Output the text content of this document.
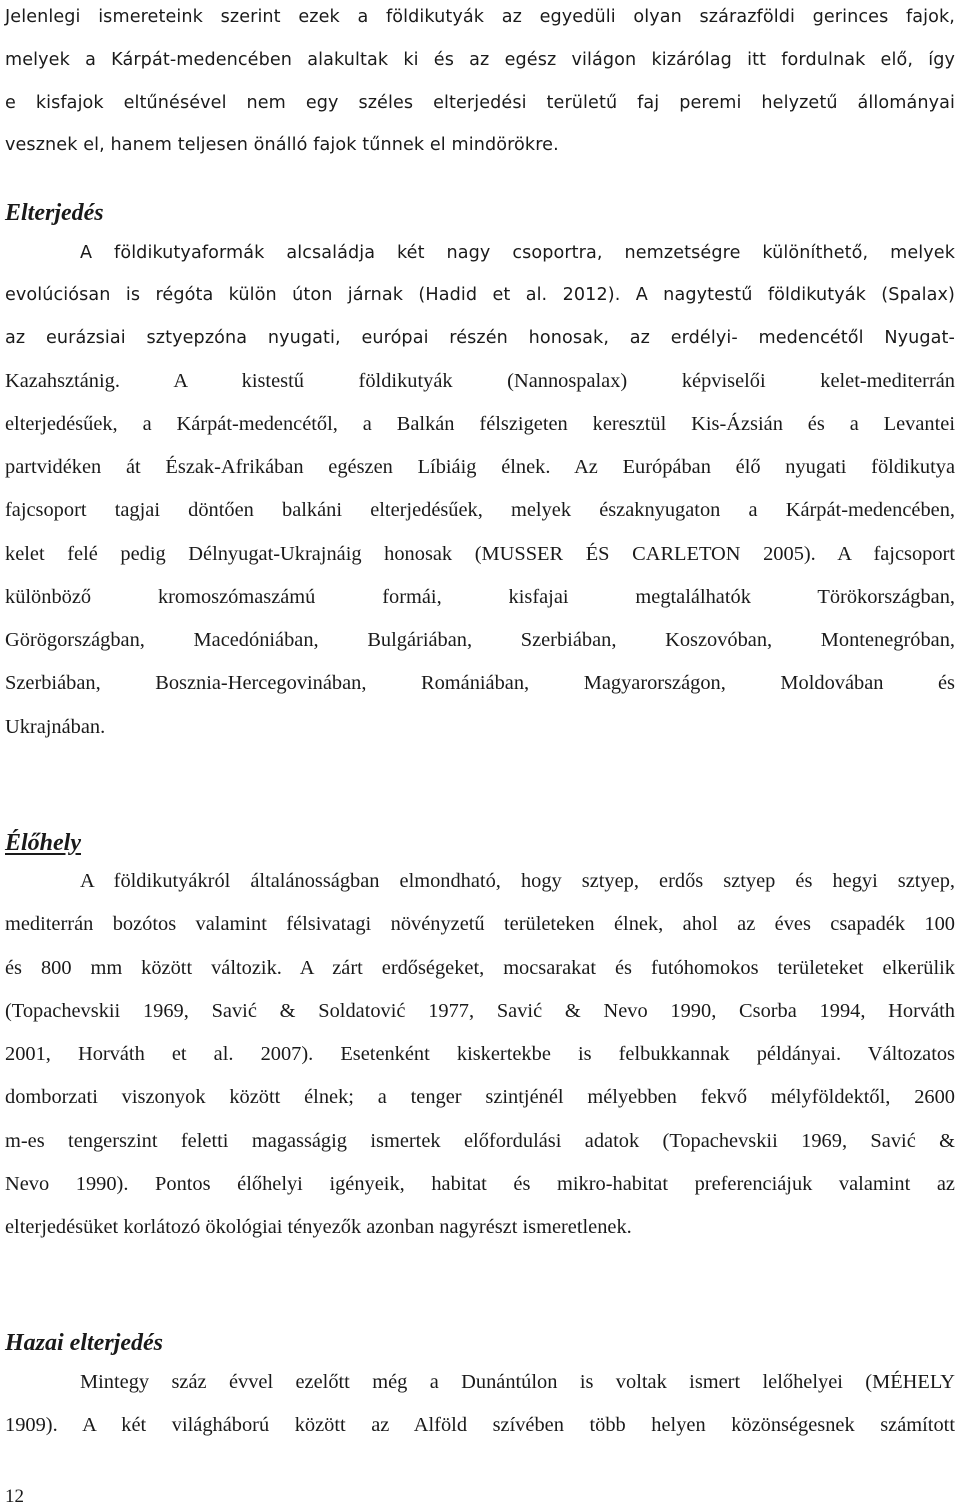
Jelenlegi ismereteink szerint ezek a földikutyák az egyedüli olyan szárazföldi gerinces fajok,
melyek a Kárpát-medencében alakultak ki és az egész világon kizárólag itt fordulnak elő, így
e kisfajok eltűnésével nem egy széles elterjedési területű faj peremi helyzetű állományai
vesznek el, hanem teljesen önálló fajok tűnnek el mindörökre.
Elterjedés
A földikutyaformák alcsaládja két nagy csoportra, nemzetségre különíthető, melyek
evolúciósan is régóta külön úton járnak (Hadid et al. 2012). A nagytestű földikutyák (Spalax)
az eurázsiai sztyepzóna nyugati, európai részén honosak, az erdélyi- medencétől Nyugat-
Kazahsztánig. A kistestű földikutyák (Nannospalax) képviselői kelet-mediterrán
elterjedésűek, a Kárpát-medencétől, a Balkán félszigeten keresztül Kis-Ázsián és a Levantei
partvidéken át Észak-Afrikában egészen Líbiáig élnek. Az Európában élő nyugati földikutya
fajcsoport tagjai döntően balkáni elterjedésűek, melyek északnyugaton a Kárpát-medencében,
kelet felé pedig Délnyugat-Ukrajnáig honosak (MUSSER ÉS CARLETON 2005). A fajcsoport
különböző kromoszómaszámú formái, kisfajai megtalálhatók Törökországban,
Görögországban, Macedóniában, Bulgáriában, Szerbiában, Koszovóban, Montenegróban,
Szerbiában, Bosznia-Hercegovinában, Romániában, Magyarországon, Moldovában és
Ukrajnában.
Élőhely
A földikutyákról általánosságban elmondható, hogy sztyep, erdős sztyep és hegyi sztyep,
mediterrán bozótos valamint félsivatagi növényzetű területeken élnek, ahol az éves csapadék 100
és 800 mm között változik. A zárt erdőségeket, mocsarakat és futóhomokos területeket elkerülik
(Topachevskii 1969, Savić & Soldatović 1977, Savić & Nevo 1990, Csorba 1994, Horváth
2001, Horváth et al. 2007). Esetenként kiskertekbe is felbukkannak példányai. Változatos
domborzati viszonyok között élnek; a tenger szintjénél mélyebben fekvő mélyföldektől, 2600
m-es tengerszint feletti magasságig ismertek előfordulási adatok (Topachevskii 1969, Savić &
Nevo 1990). Pontos élőhelyi igényeik, habitat és mikro-habitat preferenciájuk valamint az
elterjedésüket korlátozó ökológiai tényezők azonban nagyrészt ismeretlenek.
Hazai elterjedés
Mintegy száz évvel ezelőtt még a Dunántúlon is voltak ismert lelőhelyei (MÉHELY
1909). A két világháború között az Alföld szívében több helyen közönségesnek számított
12
